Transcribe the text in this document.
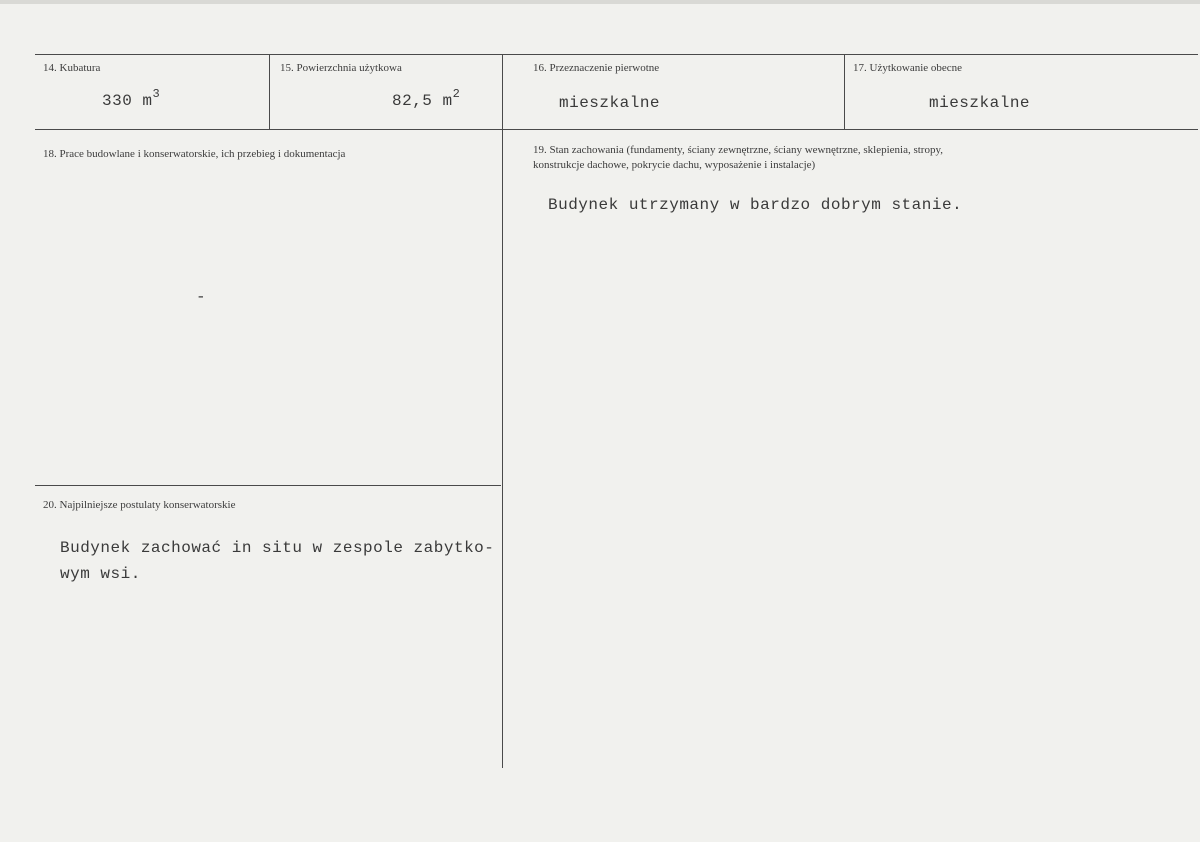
14. Kubatura
330 $m^3$
15. Powierzchnia użytkowa
82,5 $m^2$
16. Przeznaczenie pierwotne
mieszkalne
17. Użytkowanie obecne
mieszkalne
18. Prace budowlane i konserwatorskie, ich przebieg i dokumentacja
-
19. Stan zachowania (fundamenty, ściany zewnętrzne, ściany wewnętrzne, sklepienia, stropy,
konstrukcje dachowe, pokrycie dachu, wyposażenie i instalacje)
Budynek utrzymany w bardzo dobrym stanie.
20. Najpilniejsze postulaty konserwatorskie
Budynek zachować in situ w zespole zabytko-
wym wsi.
